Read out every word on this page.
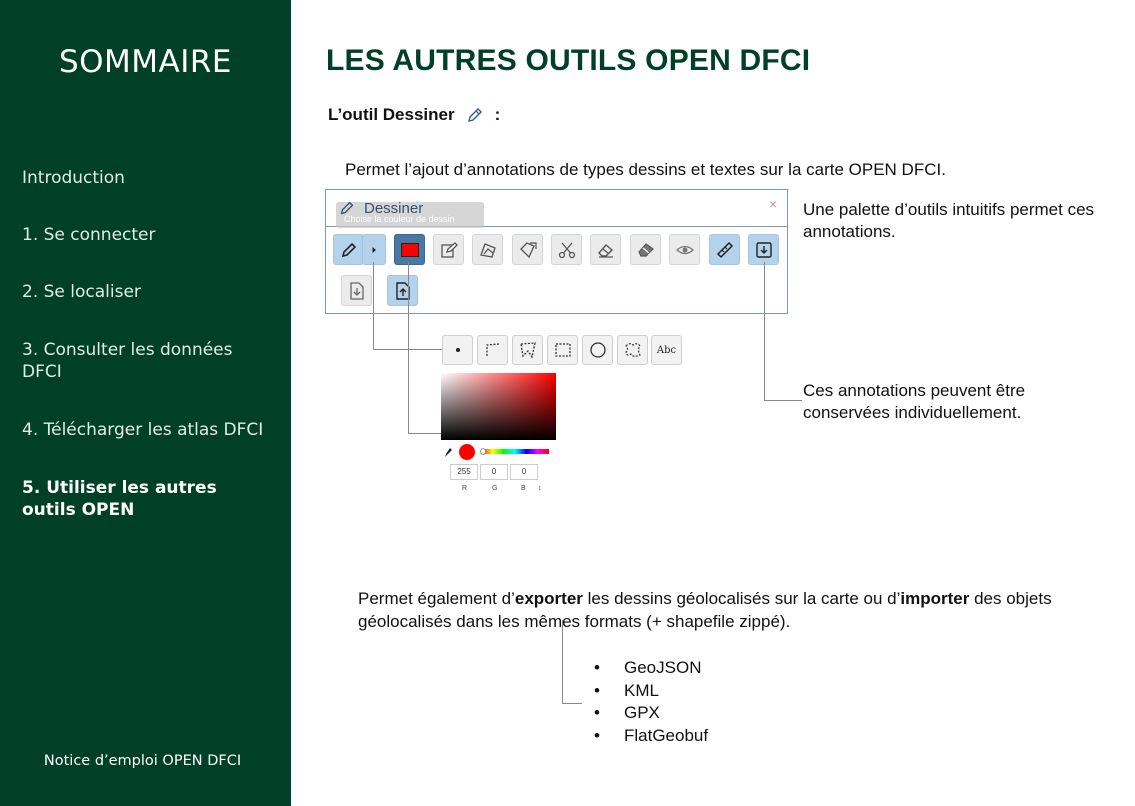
SOMMAIRE
Introduction
1. Se connecter
2. Se localiser
3. Consulter les données DFCI
4. Télécharger les atlas DFCI
5. Utiliser les autres outils OPEN
Notice d’emploi OPEN DFCI
LES AUTRES OUTILS OPEN DFCI
L’outil Dessiner :
Permet l’ajout d’annotations de types dessins et textes sur la carte OPEN DFCI.
Une palette d’outils intuitifs permet ces annotations.
Ces annotations peuvent être conservées individuellement.
Choisir la couleur de dessin
Dessiner	×
Abc
255	0	0
R	G	B ↕
Permet également d’exporter les dessins géolocalisés sur la carte ou d’importer des objets géolocalisés dans les mêmes formats (+ shapefile zippé).
• GeoJSON
• KML
• GPX
• FlatGeobuf
